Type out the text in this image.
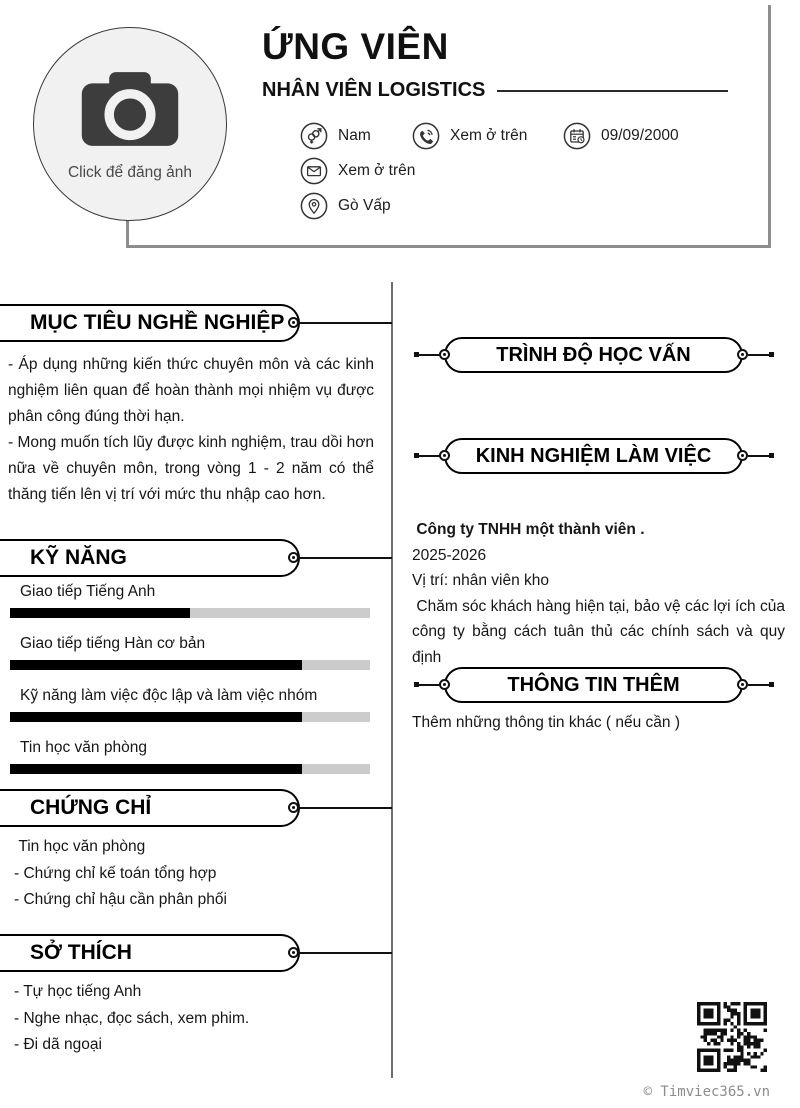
Click để đăng ảnh
ỨNG VIÊN
NHÂN VIÊN LOGISTICS
Nam	Xem ở trên	09/09/2000
Xem ở trên
Gò Vấp
MỤC TIÊU NGHỀ NGHIỆP
- Áp dụng những kiến thức chuyên môn và các kinh nghiệm liên quan để hoàn thành mọi nhiệm vụ được phân công đúng thời hạn.
- Mong muốn tích lũy được kinh nghiệm, trau dồi hơn nữa về chuyên môn, trong vòng 1 - 2 năm có thể thăng tiến lên vị trí với mức thu nhập cao hơn.
KỸ NĂNG
Giao tiếp Tiếng Anh
Giao tiếp tiếng Hàn cơ bản
Kỹ năng làm việc độc lập và làm việc nhóm
Tin học văn phòng
CHỨNG CHỈ
Tin học văn phòng
- Chứng chỉ kế toán tổng hợp
- Chứng chỉ hậu cần phân phối
SỞ THÍCH
- Tự học tiếng Anh
- Nghe nhạc, đọc sách, xem phim.
- Đi dã ngoại
TRÌNH ĐỘ HỌC VẤN
KINH NGHIỆM LÀM VIỆC
Công ty TNHH một thành viên .
2025-2026
Vị trí: nhân viên kho
Chăm sóc khách hàng hiện tại, bảo vệ các lợi ích của công ty bằng cách tuân thủ các chính sách và quy định
THÔNG TIN THÊM
Thêm những thông tin khác ( nếu cần )
© Timviec365.vn
